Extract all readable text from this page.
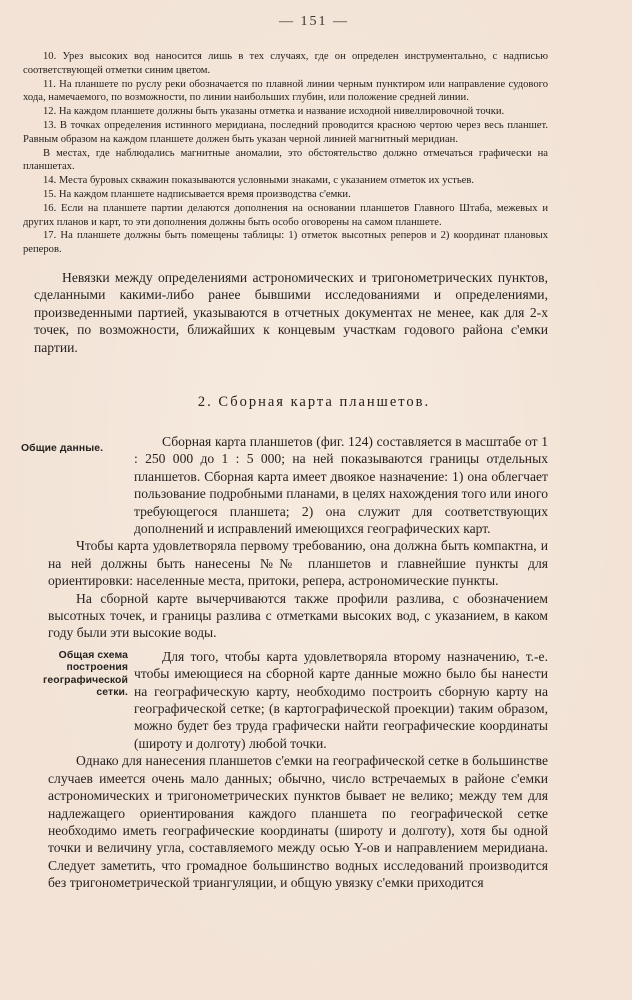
— 151 —

10. Урез высоких вод наносится лишь в тех случаях, где он определен инструментально, с надписью соответствующей отметки синим цветом.

11. На планшете по руслу реки обозначается по плавной линии черным пунктиром или направление судового хода, намечаемого, по возможности, по линии наибольших глубин, или положение средней линии.

12. На каждом планшете должны быть указаны отметка и название исходной нивеллировочной точки.

13. В точках определения истинного меридиана, последний проводится красною чертою через весь планшет. Равным образом на каждом планшете должен быть указан черной линией магнитный меридиан.

В местах, где наблюдались магнитные аномалии, это обстоятельство должно отмечаться графически на планшетах.

14. Места буровых скважин показываются условными знаками, с указанием отметок их устьев.

15. На каждом планшете надписывается время производства с'емки.

16. Если на планшете партии делаются дополнения на основании планшетов Главного Штаба, межевых и других планов и карт, то эти дополнения должны быть особо оговорены на самом планшете.

17. На планшете должны быть помещены таблицы: 1) отметок высотных реперов и 2) координат плановых реперов.

Невязки между определениями астрономических и тригонометрических пунктов, сделанными какими-либо ранее бывшими исследованиями и определениями, произведенными партией, указываются в отчетных документах не менее, как для 2-х точек, по возможности, ближайших к концевым участкам годового района с'емки партии.

2. Сборная карта планшетов.
Общие данные.	Сборная карта планшетов (фиг. 124) составляется в масштабе от 1 : 250 000 до 1 : 5 000; на ней показываются границы отдельных планшетов. Сборная карта имеет двоякое назначение: 1) она облегчает пользование подробными планами, в целях нахождения того или иного требующегося планшета; 2) она служит для соответствующих дополнений и исправлений имеющихся географических карт.

Чтобы карта удовлетворяла первому требованию, она должна быть компактна, и на ней должны быть нанесены №№ планшетов и главнейшие пункты для ориентировки: населенные места, притоки, репера, астрономические пункты.

На сборной карте вычерчиваются также профили разлива, с обозначением высотных точек, и границы разлива с отметками высоких вод, с указанием, в каком году были эти высокие воды.

Общая схема построения географической сетки.

Для того, чтобы карта удовлетворяла второму назначению, т.-е. чтобы имеющиеся на сборной карте данные можно было бы нанести на географическую карту, необходимо построить сборную карту на географической сетке; (в картографической проекции) таким образом, можно будет без труда графически найти географические координаты (широту и долготу) любой точки.

Однако для нанесения планшетов с'емки на географической сетке в большинстве случаев имеется очень мало данных; обычно, число встречаемых в районе с'емки астрономических и тригонометрических пунктов бывает не велико; между тем для надлежащего ориентирования каждого планшета по географической сетке необходимо иметь географические координаты (широту и долготу), хотя бы одной точки и величину угла, составляемого между осью Y-ов и направлением меридиана. Следует заметить, что громадное большинство водных исследований производится без тригонометрической триангуляции, и общую увязку с'емки приходится
